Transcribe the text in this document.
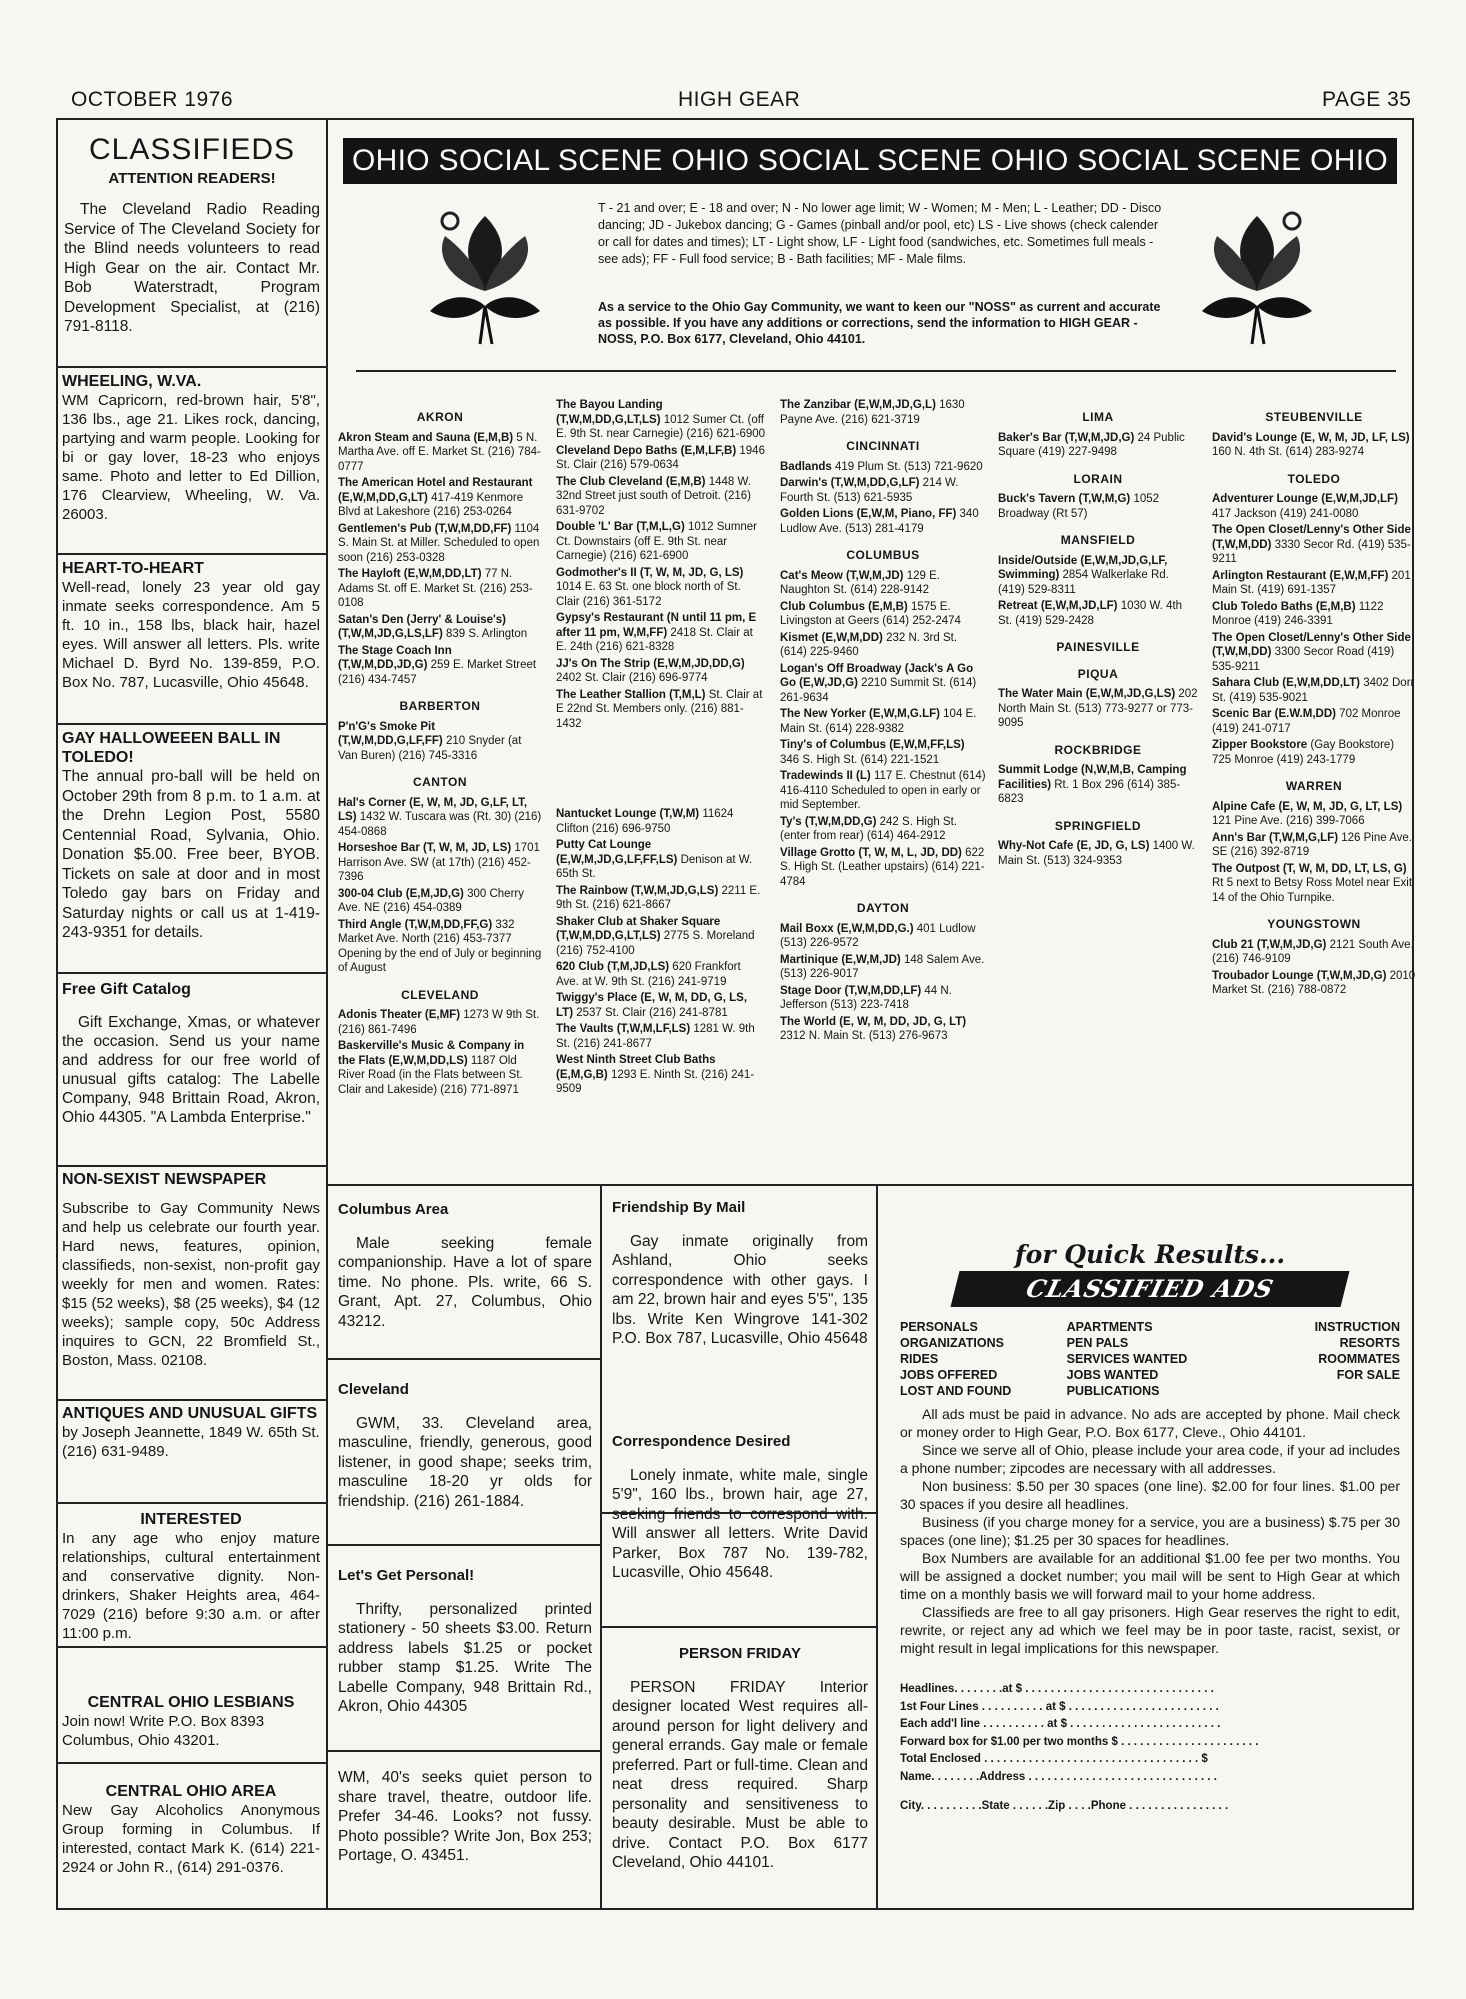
OCTOBER 1976	HIGH GEAR	PAGE 35
CLASSIFIEDS
ATTENTION READERS!

The Cleveland Radio Reading Service of The Cleveland Society for the Blind needs volunteers to read High Gear on the air. Contact Mr. Bob Waterstradt, Program Development Specialist, at (216) 791-8118.

WHEELING, W.VA.

WM Capricorn, red-brown hair, 5'8", 136 lbs., age 21. Likes rock, dancing, partying and warm people. Looking for bi or gay lover, 18-23 who enjoys same. Photo and letter to Ed Dillion, 176 Clearview, Wheeling, W. Va. 26003.

HEART-TO-HEART

Well-read, lonely 23 year old gay inmate seeks correspondence. Am 5 ft. 10 in., 158 lbs, black hair, hazel eyes. Will answer all letters. Pls. write Michael D. Byrd No. 139-859, P.O. Box No. 787, Lucasville, Ohio 45648.

GAY HALLOWEEEN BALL IN TOLEDO!

The annual pro-ball will be held on October 29th from 8 p.m. to 1 a.m. at the Drehn Legion Post, 5580 Centennial Road, Sylvania, Ohio. Donation $5.00. Free beer, BYOB. Tickets on sale at door and in most Toledo gay bars on Friday and Saturday nights or call us at 1-419-243-9351 for details.

Free Gift Catalog

Gift Exchange, Xmas, or whatever the occasion. Send us your name and address for our free world of unusual gifts catalog: The Labelle Company, 948 Brittain Road, Akron, Ohio 44305. "A Lambda Enterprise."

NON-SEXIST NEWSPAPER

Subscribe to Gay Community News and help us celebrate our fourth year. Hard news, features, opinion, classifieds, non-sexist, non-profit gay weekly for men and women. Rates: $15 (52 weeks), $8 (25 weeks), $4 (12 weeks); sample copy, 50c Address inquires to GCN, 22 Bromfield St., Boston, Mass. 02108.

ANTIQUES AND UNUSUAL GIFTS

by Joseph Jeannette, 1849 W. 65th St. (216) 631-9489.

INTERESTED

In any age who enjoy mature relationships, cultural entertainment and conservative dignity. Non-drinkers, Shaker Heights area, 464-7029 (216) before 9:30 a.m. or after 11:00 p.m.

CENTRAL OHIO LESBIANS

Join now! Write P.O. Box 8393 Columbus, Ohio 43201.

CENTRAL OHIO AREA

New Gay Alcoholics Anonymous Group forming in Columbus. If interested, contact Mark K. (614) 221-2924 or John R., (614) 291-0376.

OHIO SOCIAL SCENE OHIO SOCIAL SCENE OHIO SOCIAL SCENE OHIO

T - 21 and over; E - 18 and over; N - No lower age limit; W - Women; M - Men; L - Leather; DD - Disco dancing; JD - Jukebox dancing; G - Games (pinball and/or pool, etc) LS - Live shows (check calender or call for dates and times); LT - Light show, LF - Light food (sandwiches, etc. Sometimes full meals - see ads); FF - Full food service; B - Bath facilities; MF - Male films.

As a service to the Ohio Gay Community, we want to keen our "NOSS" as current and accurate as possible. If you have any additions or corrections, send the information to HIGH GEAR - NOSS, P.O. Box 6177, Cleveland, Ohio 44101.

AKRON
Akron Steam and Sauna (E,M,B) 5 N. Martha Ave. off E. Market St. (216) 784-0777
The American Hotel and Restaurant (E,W,M,DD,G,LT) 417-419 Kenmore Blvd at Lakeshore (216) 253-0264
Gentlemen's Pub (T,W,M,DD,FF) 1104 S. Main St. at Miller. Scheduled to open soon (216) 253-0328
The Hayloft (E,W,M,DD,LT) 77 N. Adams St. off E. Market St. (216) 253-0108
Satan's Den (Jerry' & Louise's) (T,W,M,JD,G,LS,LF) 839 S. Arlington
The Stage Coach Inn (T,W,M,DD,JD,G) 259 E. Market Street (216) 434-7457
BARBERTON
P'n'G's Smoke Pit (T,W,M,DD,G,LF,FF) 210 Snyder (at Van Buren) (216) 745-3316
CANTON
Hal's Corner (E, W, M, JD, G,LF, LT, LS) 1432 W. Tuscara was (Rt. 30) (216) 454-0868
Horseshoe Bar (T, W, M, JD, LS) 1701 Harrison Ave. SW (at 17th) (216) 452-7396
300-04 Club (E,M,JD,G) 300 Cherry Ave. NE (216) 454-0389
Third Angle (T,W,M,DD,FF,G) 332 Market Ave. North (216) 453-7377 Opening by the end of July or beginning of August
CLEVELAND
Adonis Theater (E,MF) 1273 W 9th St. (216) 861-7496
Baskerville's Music & Company in the Flats (E,W,M,DD,LS) 1187 Old River Road (in the Flats between St. Clair and Lakeside) (216) 771-8971
The Bayou Landing (T,W,M,DD,G,LT,LS) 1012 Sumer Ct. (off E. 9th St. near Carnegie) (216) 621-6900
Cleveland Depo Baths (E,M,LF,B) 1946 St. Clair (216) 579-0634
The Club Cleveland (E,M,B) 1448 W. 32nd Street just south of Detroit. (216) 631-9702
Double 'L' Bar (T,M,L,G) 1012 Sumner Ct. Downstairs (off E. 9th St. near Carnegie) (216) 621-6900
Godmother's II (T, W, M, JD, G, LS) 1014 E. 63 St. one block north of St. Clair (216) 361-5172
Gypsy's Restaurant (N until 11 pm, E after 11 pm, W,M,FF) 2418 St. Clair at E. 24th (216) 621-8328
JJ's On The Strip (E,W,M,JD,DD,G) 2402 St. Clair (216) 696-9774
The Leather Stallion (T,M,L) St. Clair at E 22nd St. Members only. (216) 881-1432
Nantucket Lounge (T,W,M) 11624 Clifton (216) 696-9750
Putty Cat Lounge (E,W,M,JD,G,LF,FF,LS) Denison at W. 65th St.
The Rainbow (T,W,M,JD,G,LS) 2211 E. 9th St. (216) 621-8667
Shaker Club at Shaker Square (T,W,M,DD,G,LT,LS) 2775 S. Moreland (216) 752-4100
620 Club (T,M,JD,LS) 620 Frankfort Ave. at W. 9th St. (216) 241-9719
Twiggy's Place (E, W, M, DD, G, LS, LT) 2537 St. Clair (216) 241-8781
The Vaults (T,W,M,LF,LS) 1281 W. 9th St. (216) 241-8677
West Ninth Street Club Baths (E,M,G,B) 1293 E. Ninth St. (216) 241-9509
The Zanzibar (E,W,M,JD,G,L) 1630 Payne Ave. (216) 621-3719
CINCINNATI
Badlands 419 Plum St. (513) 721-9620
Darwin's (T,W,M,DD,G,LF) 214 W. Fourth St. (513) 621-5935
Golden Lions (E,W,M, Piano, FF) 340 Ludlow Ave. (513) 281-4179
COLUMBUS
Cat's Meow (T,W,M,JD) 129 E. Naughton St. (614) 228-9142
Club Columbus (E,M,B) 1575 E. Livingston at Geers (614) 252-2474
Kismet (E,W,M,DD) 232 N. 3rd St. (614) 225-9460
Logan's Off Broadway (Jack's A Go Go (E,W,JD,G) 2210 Summit St. (614) 261-9634
The New Yorker (E,W,M,G.LF) 104 E. Main St. (614) 228-9382
Tiny's of Columbus (E,W,M,FF,LS) 346 S. High St. (614) 221-1521
Tradewinds II (L) 117 E. Chestnut (614) 416-4110 Scheduled to open in early or mid September.
Ty's (T,W,M,DD,G) 242 S. High St. (enter from rear) (614) 464-2912
Village Grotto (T, W, M, L, JD, DD) 622 S. High St. (Leather upstairs) (614) 221-4784
DAYTON
Mail Boxx (E,W,M,DD,G.) 401 Ludlow (513) 226-9572
Martinique (E,W,M,JD) 148 Salem Ave. (513) 226-9017
Stage Door (T,W,M,DD,LF) 44 N. Jefferson (513) 223-7418
The World (E, W, M, DD, JD, G, LT) 2312 N. Main St. (513) 276-9673
LIMA
Baker's Bar (T,W,M,JD,G) 24 Public Square (419) 227-9498
LORAIN
Buck's Tavern (T,W,M,G) 1052 Broadway (Rt 57)
MANSFIELD
Inside/Outside (E,W,M,JD,G,LF, Swimming) 2854 Walkerlake Rd. (419) 529-8311
Retreat (E,W,M,JD,LF) 1030 W. 4th St. (419) 529-2428
PAINESVILLE
PIQUA
The Water Main (E,W,M,JD,G,LS) 202 North Main St. (513) 773-9277 or 773-9095
ROCKBRIDGE
Summit Lodge (N,W,M,B, Camping Facilities) Rt. 1 Box 296 (614) 385-6823
SPRINGFIELD
Why-Not Cafe (E, JD, G, LS) 1400 W. Main St. (513) 324-9353
STEUBENVILLE
David's Lounge (E, W, M, JD, LF, LS) 160 N. 4th St. (614) 283-9274
TOLEDO
Adventurer Lounge (E,W,M,JD,LF) 417 Jackson (419) 241-0080
The Open Closet/Lenny's Other Side (T,W,M,DD) 3330 Secor Rd. (419) 535-9211
Arlington Restaurant (E,W,M,FF) 201 Main St. (419) 691-1357
Club Toledo Baths (E,M,B) 1122 Monroe (419) 246-3391
The Open Closet/Lenny's Other Side (T,W,M,DD) 3300 Secor Road (419) 535-9211
Sahara Club (E,W,M,DD,LT) 3402 Dorr St. (419) 535-9021
Scenic Bar (E.W.M,DD) 702 Monroe (419) 241-0717
Zipper Bookstore (Gay Bookstore) 725 Monroe (419) 243-1779
WARREN
Alpine Cafe (E, W, M, JD, G, LT, LS) 121 Pine Ave. (216) 399-7066
Ann's Bar (T,W,M,G,LF) 126 Pine Ave. SE (216) 392-8719
The Outpost (T, W, M, DD, LT, LS, G) Rt 5 next to Betsy Ross Motel near Exit 14 of the Ohio Turnpike.
YOUNGSTOWN
Club 21 (T,W,M,JD,G) 2121 South Ave. (216) 746-9109
Troubador Lounge (T,W,M,JD,G) 2010 Market St. (216) 788-0872
Columbus Area

Male seeking female companionship. Have a lot of spare time. No phone. Pls. write, 66 S. Grant, Apt. 27, Columbus, Ohio 43212.

Cleveland

GWM, 33. Cleveland area, masculine, friendly, generous, good listener, in good shape; seeks trim, masculine 18-20 yr olds for friendship. (216) 261-1884.

Let's Get Personal!

Thrifty, personalized printed stationery - 50 sheets $3.00. Return address labels $1.25 or pocket rubber stamp $1.25. Write The Labelle Company, 948 Brittain Rd., Akron, Ohio 44305

WM, 40's seeks quiet person to share travel, theatre, outdoor life. Prefer 34-46. Looks? not fussy. Photo possible? Write Jon, Box 253; Portage, O. 43451.

Friendship By Mail

Gay inmate originally from Ashland, Ohio seeks correspondence with other gays. I am 22, brown hair and eyes 5'5", 135 lbs. Write Ken Wingrove 141-302 P.O. Box 787, Lucasville, Ohio 45648

Correspondence Desired

Lonely inmate, white male, single 5'9", 160 lbs., brown hair, age 27, seeking friends to correspond with. Will answer all letters. Write David Parker, Box 787 No. 139-782, Lucasville, Ohio 45648.

PERSON FRIDAY

PERSON FRIDAY Interior designer located West requires all-around person for light delivery and general errands. Gay male or female preferred. Part or full-time. Clean and neat dress required. Sharp personality and sensitiveness to beauty desirable. Must be able to drive. Contact P.O. Box 6177 Cleveland, Ohio 44101.

for Quick Results...
CLASSIFIED ADS
PERSONALS	APARTMENTS	INSTRUCTION
ORGANIZATIONS	PEN PALS	RESORTS
RIDES	SERVICES WANTED	ROOMMATES
JOBS OFFERED	JOBS WANTED	FOR SALE
LOST AND FOUND	PUBLICATIONS

All ads must be paid in advance. No ads are accepted by phone. Mail check or money order to High Gear, P.O. Box 6177, Cleve., Ohio 44101.

Since we serve all of Ohio, please include your area code, if your ad includes a phone number; zipcodes are necessary with all addresses.

Non business: $.50 per 30 spaces (one line). $2.00 for four lines. $1.00 per 30 spaces if you desire all headlines.

Business (if you charge money for a service, you are a business) $.75 per 30 spaces (one line); $1.25 per 30 spaces for headlines.

Box Numbers are available for an additional $1.00 fee per two months. You will be assigned a docket number; you mail will be sent to High Gear at which time on a monthly basis we will forward mail to your home address.

Classifieds are free to all gay prisoners. High Gear reserves the right to edit, rewrite, or reject any ad which we feel may be in poor taste, racist, sexist, or might result in legal implications for this newspaper.

Headlines. . . . . . . .at $ . . . . . . . . . . . . . . . . . . . . . . . . . . . . . .
1st Four Lines . . . . . . . . . . at $ . . . . . . . . . . . . . . . . . . . . . . . .
Each add'l line . . . . . . . . . . at $ . . . . . . . . . . . . . . . . . . . . . . . .
Forward box for $1.00 per two months $ . . . . . . . . . . . . . . . . . . . . . .
Total Enclosed . . . . . . . . . . . . . . . . . . . . . . . . . . . . . . . . . . $
Name. . . . . . . .Address . . . . . . . . . . . . . . . . . . . . . . . . . . . . . .
City. . . . . . . . . .State . . . . . .Zip . . . .Phone . . . . . . . . . . . . . . . .
